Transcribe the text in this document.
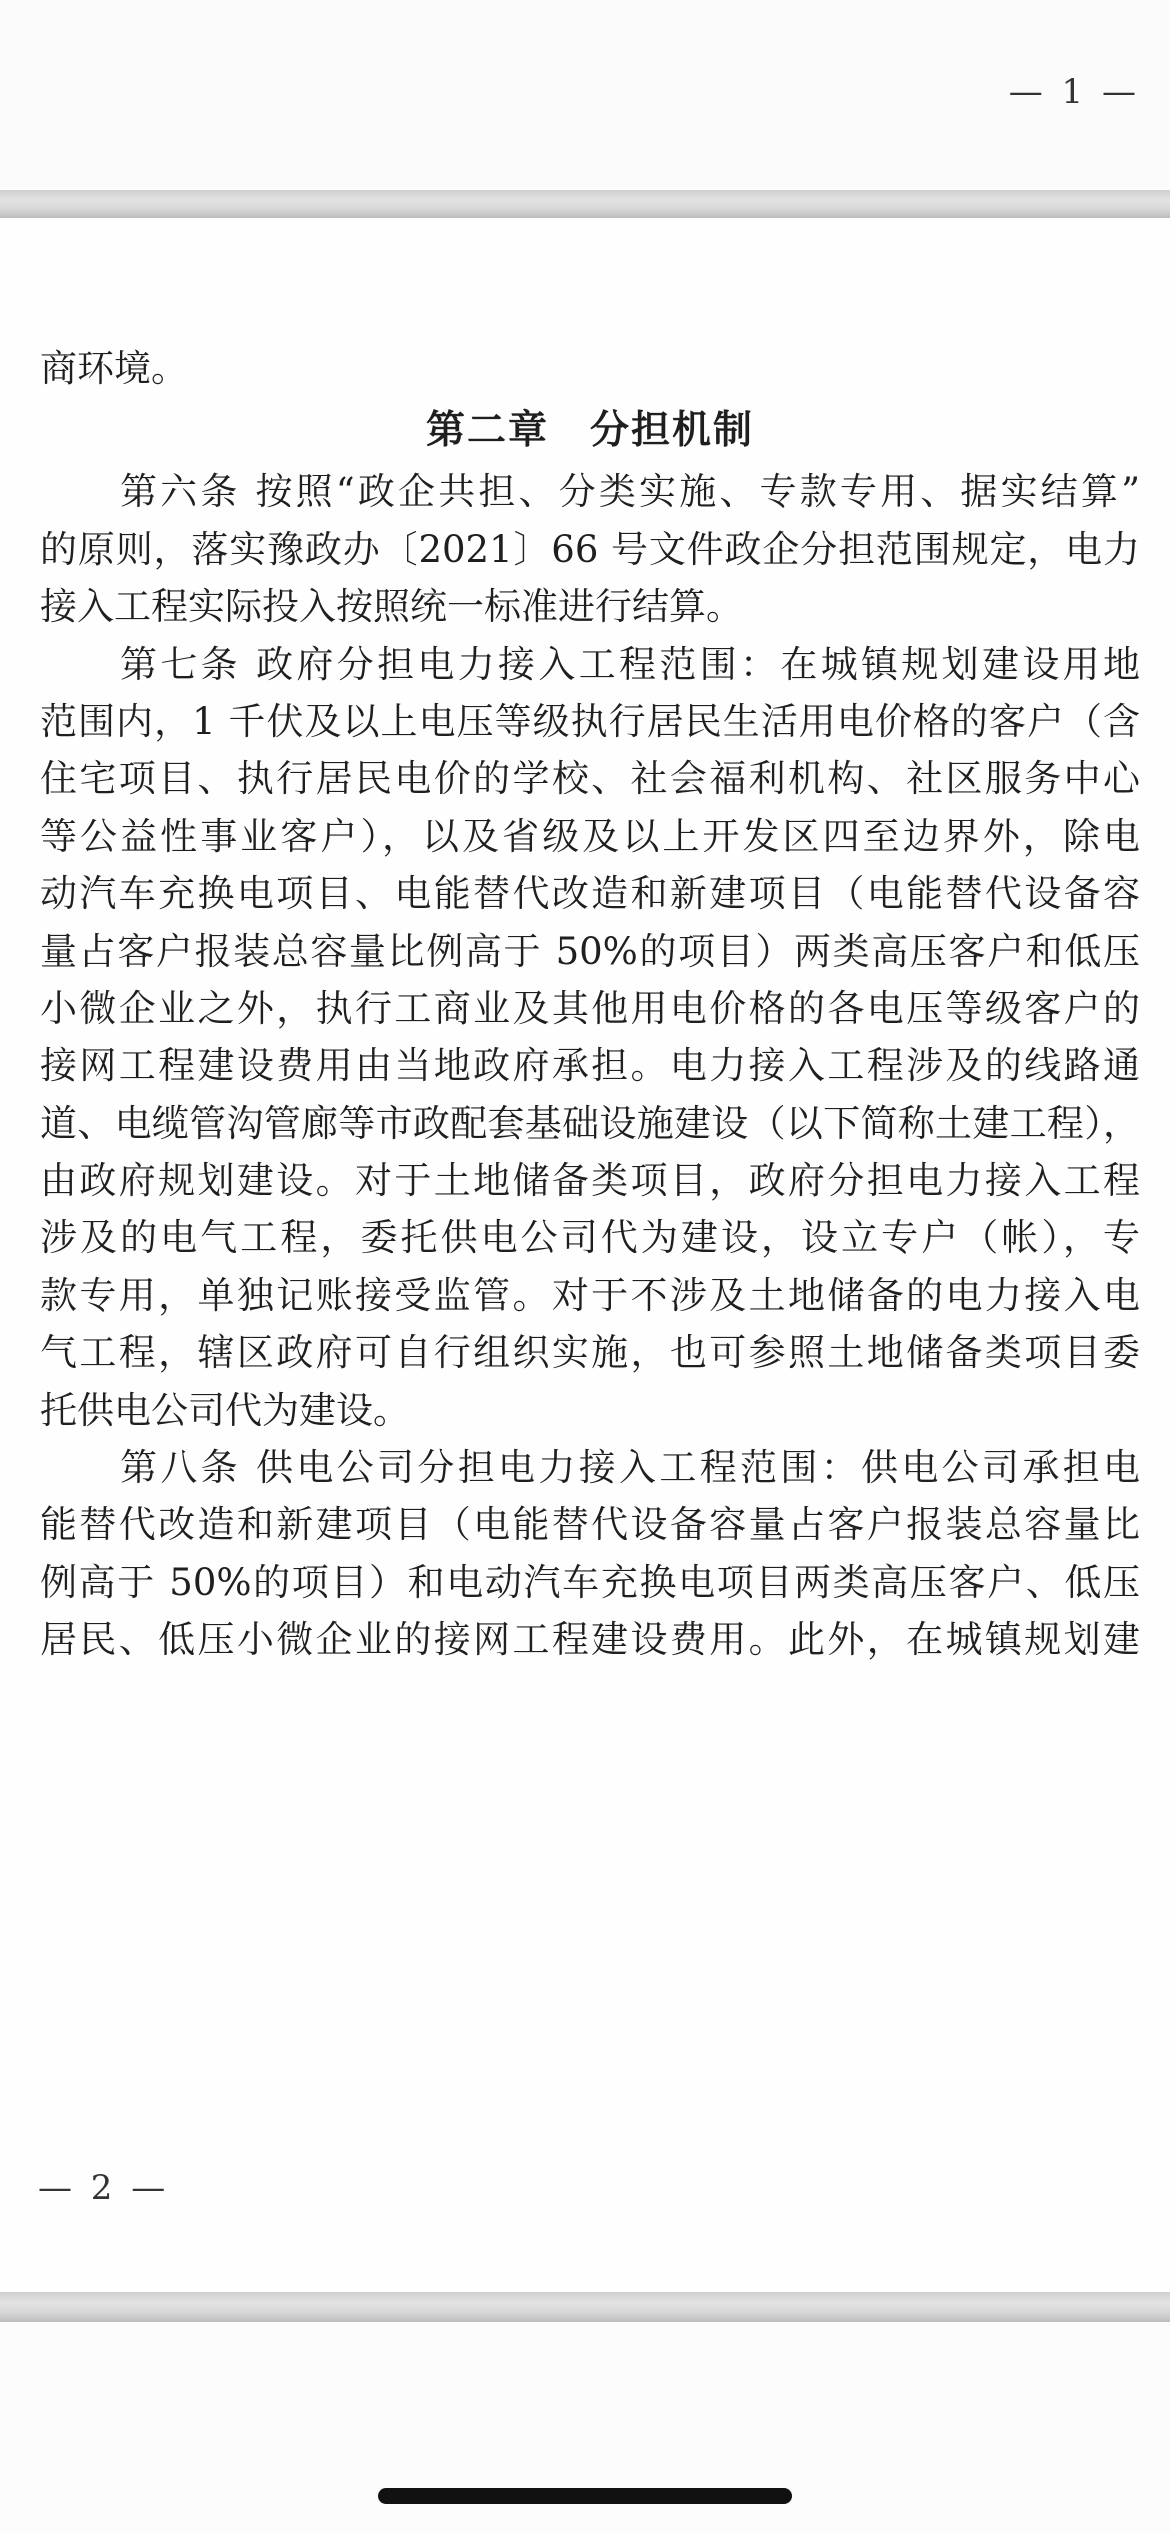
— 1 —
商环境。
第二章　分担机制
第六条 按照“政企共担、分类实施、专款专用、据实结算”
的原则，落实豫政办〔2021〕66 号文件政企分担范围规定，电力
接入工程实际投入按照统一标准进行结算。
第七条 政府分担电力接入工程范围：在城镇规划建设用地
范围内，1 千伏及以上电压等级执行居民生活用电价格的客户（含
住宅项目、执行居民电价的学校、社会福利机构、社区服务中心
等公益性事业客户），以及省级及以上开发区四至边界外，除电
动汽车充换电项目、电能替代改造和新建项目（电能替代设备容
量占客户报装总容量比例高于 50%的项目）两类高压客户和低压
小微企业之外，执行工商业及其他用电价格的各电压等级客户的
接网工程建设费用由当地政府承担。电力接入工程涉及的线路通
道、电缆管沟管廊等市政配套基础设施建设（以下简称土建工程），
由政府规划建设。对于土地储备类项目，政府分担电力接入工程
涉及的电气工程，委托供电公司代为建设，设立专户（帐），专
款专用，单独记账接受监管。对于不涉及土地储备的电力接入电
气工程，辖区政府可自行组织实施，也可参照土地储备类项目委
托供电公司代为建设。
第八条 供电公司分担电力接入工程范围：供电公司承担电
能替代改造和新建项目（电能替代设备容量占客户报装总容量比
例高于 50%的项目）和电动汽车充换电项目两类高压客户、低压
居民、低压小微企业的接网工程建设费用。此外，在城镇规划建
— 2 —
